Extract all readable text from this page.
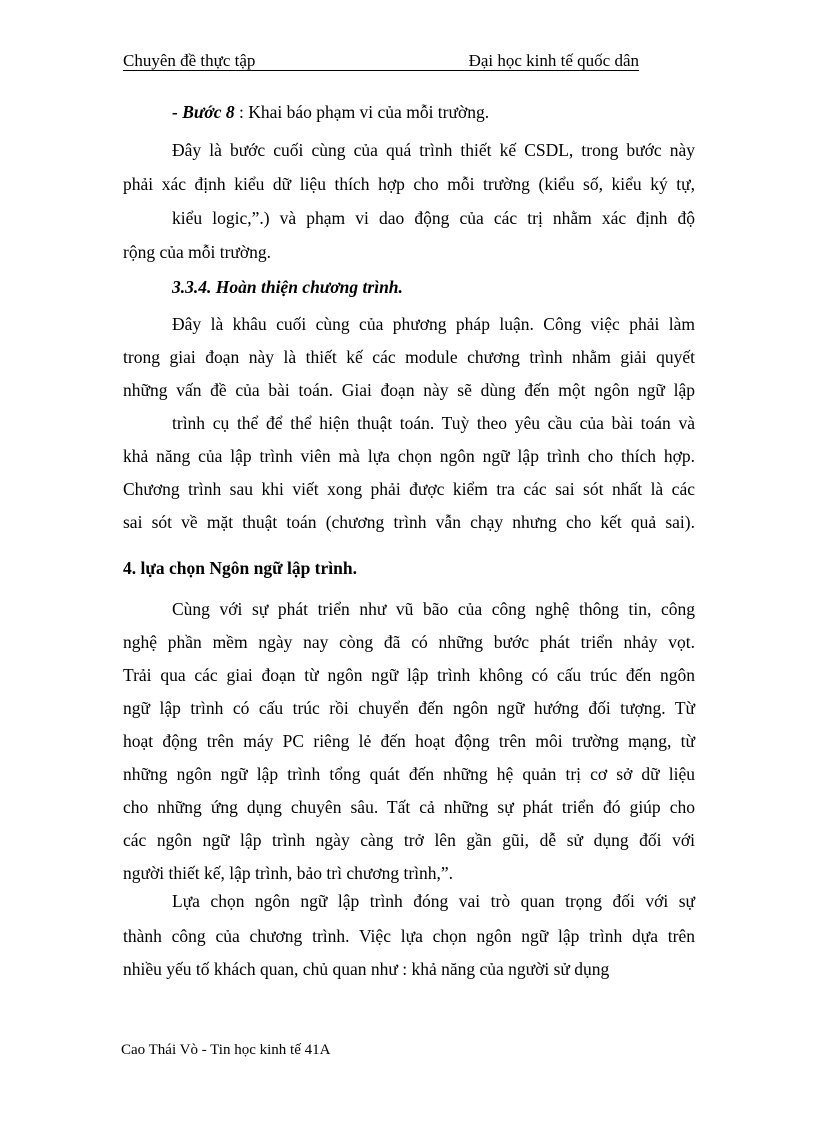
Chuyên đề thực tập	Đại học kinh tế quốc dân
- Bước 8 : Khai báo phạm vi của mỗi trường.
Đây là bước cuối cùng của quá trình thiết kế CSDL, trong bước này
phải xác định kiểu dữ liệu thích hợp cho mỗi trường (kiểu số, kiểu ký tự,
kiểu logic,”.) và phạm vi dao động của các trị nhằm xác định độ
rộng của mỗi trường.
3.3.4. Hoàn thiện chương trình.
Đây là khâu cuối cùng của phương pháp luận. Công việc phải làm
trong giai đoạn này là thiết kế các module chương trình nhằm giải quyết
những vấn đề của bài toán. Giai đoạn này sẽ dùng đến một ngôn ngữ lập
trình cụ thể để thể hiện thuật toán. Tuỳ theo yêu cầu của bài toán và
khả năng của lập trình viên mà lựa chọn ngôn ngữ lập trình cho thích hợp.
Chương trình sau khi viết xong phải được kiểm tra các sai sót nhất là các
sai sót về mặt thuật toán (chương trình vẫn chạy nhưng cho kết quả sai).
4. lựa chọn Ngôn ngữ lập trình.
Cùng với sự phát triển như vũ bão của công nghệ thông tin, công
nghệ phần mềm ngày nay còng đã có những bước phát triển nhảy vọt.
Trải qua các giai đoạn từ ngôn ngữ lập trình không có cấu trúc đến ngôn
ngữ lập trình có cấu trúc rồi chuyển đến ngôn ngữ hướng đối tượng. Từ
hoạt động trên máy PC riêng lẻ đến hoạt động trên môi trường mạng, từ
những ngôn ngữ lập trình tổng quát đến những hệ quản trị cơ sở dữ liệu
cho những ứng dụng chuyên sâu. Tất cả những sự phát triển đó giúp cho
các ngôn ngữ lập trình ngày càng trở lên gần gũi, dễ sử dụng đối với
người thiết kế, lập trình, bảo trì chương trình,”.
Lựa chọn ngôn ngữ lập trình đóng vai trò quan trọng đối với sự
thành công của chương trình. Việc lựa chọn ngôn ngữ lập trình dựa trên
nhiều yếu tố khách quan, chủ quan như : khả năng của người sử dụng
Cao Thái Vò - Tin học kinh tế 41A
